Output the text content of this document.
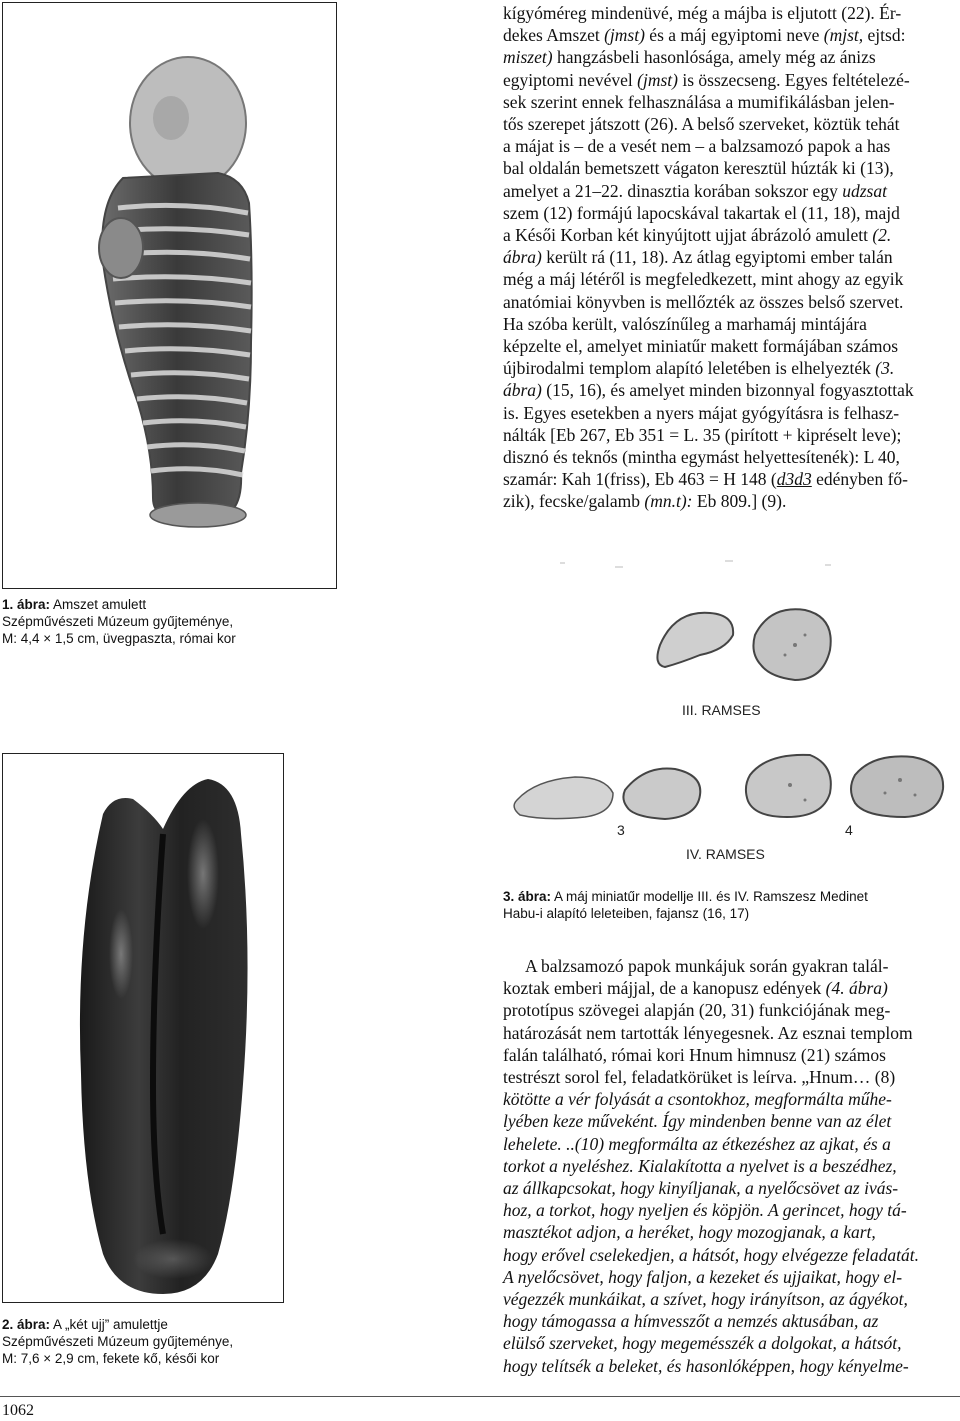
1. ábra: Amszet amulett
Szépművészeti Múzeum gyűjteménye,
M: 4,4 × 1,5 cm, üvegpaszta, római kor
2. ábra: A „két ujj” amulettje
Szépművészeti Múzeum gyűjteménye,
M: 7,6 × 2,9 cm, fekete kő, késői kor

kígyóméreg mindenüvé, még a májba is eljutott (22). Ér-

dekes Amszet (jmst) és a máj egyiptomi neve (mjst, ejtsd:

miszet) hangzásbeli hasonlósága, amely még az ánizs

egyiptomi nevével (jmst) is összecseng. Egyes feltételezé-

sek szerint ennek felhasználása a mumifikálásban jelen-

tős szerepet játszott (26). A belső szerveket, köztük tehát

a májat is – de a vesét nem – a balzsamozó papok a has

bal oldalán bemetszett vágaton keresztül húzták ki (13),

amelyet a 21–22. dinasztia korában sokszor egy udzsat

szem (12) formájú lapocskával takartak el (11, 18), majd

a Késői Korban két kinyújtott ujjat ábrázoló amulett (2.

ábra) került rá (11, 18). Az átlag egyiptomi ember talán

még a máj létéről is megfeledkezett, mint ahogy az egyik

anatómiai könyvben is mellőzték az összes belső szervet.

Ha szóba került, valószínűleg a marhamáj mintájára

képzelte el, amelyet miniatűr makett formájában számos

újbirodalmi templom alapító leletében is elhelyezték (3.

ábra) (15, 16), és amelyet minden bizonnyal fogyasztottak

is. Egyes esetekben a nyers májat gyógyításra is felhasz-

nálták [Eb 267, Eb 351 = L. 35 (pirított + kipréselt leve);

disznó és teknős (mintha egymást helyettesítenék): L 40,

szamár: Kah 1(friss), Eb 463 = H 148 (d3d3 edényben fő-

zik), fecske/galamb (mn.t): Eb 809.] (9).

III. RAMSES
3	4
IV. RAMSES
3. ábra: A máj miniatűr modellje III. és IV. Ramszesz Medinet
Habu-i alapító leleteiben, fajansz (16, 17)

A balzsamozó papok munkájuk során gyakran talál-

koztak emberi májjal, de a kanopusz edények (4. ábra)

prototípus szövegei alapján (20, 31) funkciójának meg-

határozását nem tartották lényegesnek. Az esznai templom

falán található, római kori Hnum himnusz (21) számos

testrészt sorol fel, feladatkörüket is leírva. „Hnum… (8)

kötötte a vér folyását a csontokhoz, megformálta műhe-

lyében keze műveként. Így mindenben benne van az élet

lehelete. ..(10) megformálta az étkezéshez az ajkat, és a

torkot a nyeléshez. Kialakította a nyelvet is a beszédhez,

az állkapcsokat, hogy kinyíljanak, a nyelőcsövet az ivás-

hoz, a torkot, hogy nyeljen és köpjön. A gerincet, hogy tá-

masztékot adjon, a heréket, hogy mozogjanak, a kart,

hogy erővel cselekedjen, a hátsót, hogy elvégezze feladatát.

A nyelőcsövet, hogy faljon, a kezeket és ujjaikat, hogy el-

végezzék munkáikat, a szívet, hogy irányítson, az ágyékot,

hogy támogassa a hímvesszőt a nemzés aktusában, az

elülső szerveket, hogy megemésszék a dolgokat, a hátsót,

hogy telítsék a beleket, és hasonlóképpen, hogy kényelme-

1062
